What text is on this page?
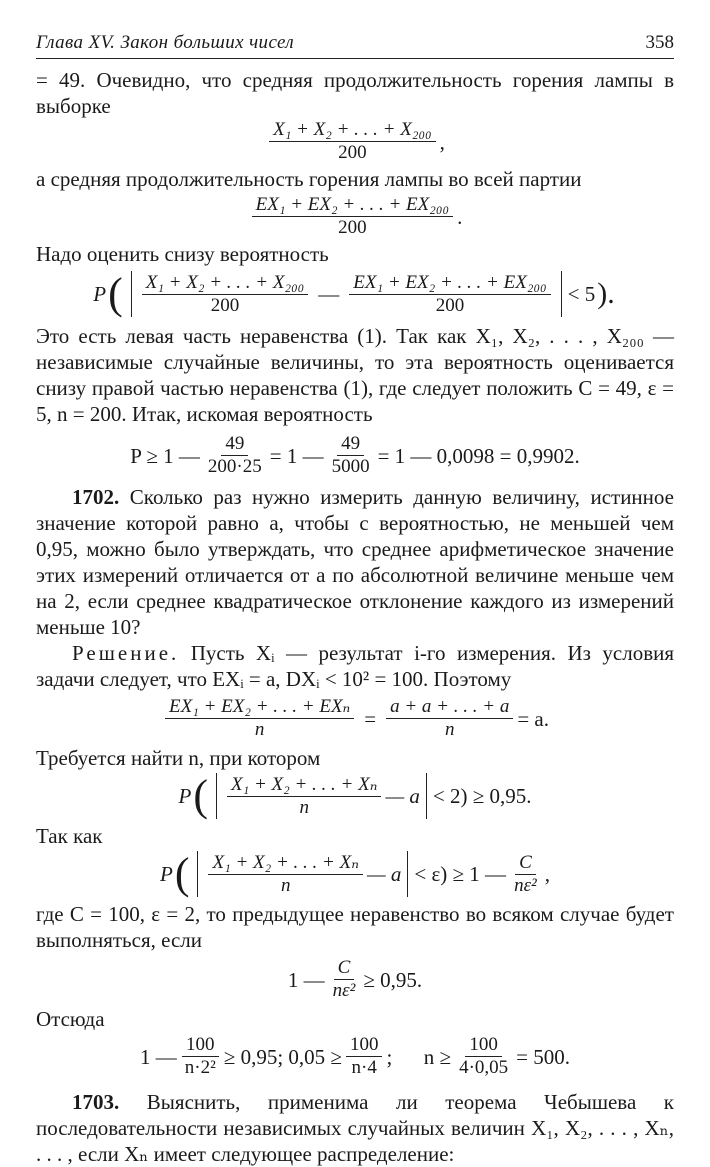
Глава XV. Закон больших чисел	358

= 49. Очевидно, что средняя продолжительность горения лампы в выборке

$\frac{\text{X₁ + X₂ + . . . + X₂₀₀}}{200}$ ,

а средняя продолжительность горения лампы во всей партии

$\frac{\text{EX₁ + EX₂ + . . . + EX₂₀₀}}{200}$ .

Надо оценить снизу вероятность

P ( $\frac{\text{X₁ + X₂ + . . . + X₂₀₀}}{200}$ — $\frac{\text{EX₁ + EX₂ + . . . + EX₂₀₀}}{200} < 5$ ).

Это есть левая часть неравенства (1). Так как X₁, X₂, . . . , X₂₀₀ — независимые случайные величины, то эта вероятность оценивается снизу правой частью неравенства (1), где следует положить C = 49, ε = 5, n = 200. Итак, искомая вероятность

P ≥ 1 — $\frac{49}{200\cdot 25} = 1$ — $\frac{49}{5000} = 1$ — 0,0098 = 0,9902.

1702. Сколько раз нужно измерить данную величину, истинное значение которой равно a, чтобы с вероятностью, не меньшей чем 0,95, можно было утверждать, что среднее арифметическое значение этих измерений отличается от a по абсолютной величине меньше чем на 2, если среднее квадратическое отклонение каждого из измерений меньше 10?

Решение. Пусть Xᵢ — результат i-го измерения. Из условия задачи следует, что EXᵢ = a, DXᵢ < 10² = 100. Поэтому

$\frac{\text{EX₁ + EX₂ + . . . + EXₙ}}{n} = \frac{a + a + . . . + a}{n} = a$.

Требуется найти n, при котором

P ( $\frac{\text{X₁ + X₂ + . . . + Xₙ}}{n}$ — a < 2) ≥ 0,95.

Так как

P ( $\frac{\text{X₁ + X₂ + . . . + Xₙ}}{n}$ — a < ε) ≥ 1 — $\frac{C}{\text{nε²}}$ ,

где C = 100, ε = 2, то предыдущее неравенство во всяком случае будет выполняться, если

1 — $\frac{C}{\text{nε²}} \ge 0,95$.

Отсюда

1 — $\frac{100}{\text{n·2²}} \ge 0,95$; $0,05 \ge \frac{100}{n\cdot 4}$ ;      $n \ge \frac{100}{4\cdot 0,05} = 500$.

1703. Выяснить, применима ли теорема Чебышева к последовательности независимых случайных величин X₁, X₂, . . . , Xₙ, . . . , если Xₙ имеет следующее распределение:
